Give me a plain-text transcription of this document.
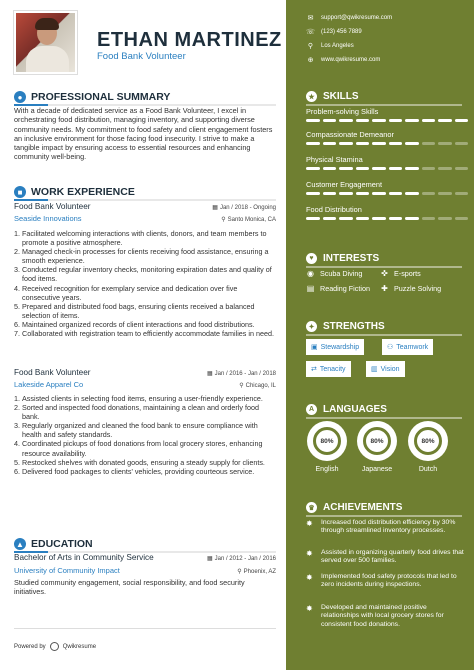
ETHAN MARTINEZ
Food Bank Volunteer
● PROFESSIONAL SUMMARY
With a decade of dedicated service as a Food Bank Volunteer, I excel in orchestrating food distribution, managing inventory, and supporting diverse community needs. My commitment to food safety and client engagement fosters an inclusive environment for those facing food insecurity. I strive to make a tangible impact by ensuring access to essential resources and enhancing community well-being.
■ WORK EXPERIENCE
Food Bank Volunteer	▦ Jan / 2018 - Ongoing
Seaside Innovations	⚲ Santo Monica, CA
1. Facilitated welcoming interactions with clients, donors, and team members to promote a positive atmosphere.
2. Managed check-in processes for clients receiving food assistance, ensuring a smooth experience.
3. Conducted regular inventory checks, monitoring expiration dates and quality of food items.
4. Received recognition for exemplary service and dedication over five consecutive years.
5. Prepared and distributed food bags, ensuring clients received a balanced selection of items.
6. Maintained organized records of client interactions and food distributions.
7. Collaborated with registration team to efficiently accommodate families in need.
Food Bank Volunteer	▦ Jan / 2016 - Jan / 2018
Lakeside Apparel Co	⚲ Chicago, IL
1. Assisted clients in selecting food items, ensuring a user-friendly experience.
2. Sorted and inspected food donations, maintaining a clean and orderly food bank.
3. Regularly organized and cleaned the food bank to ensure compliance with health and safety standards.
4. Coordinated pickups of food donations from local grocery stores, enhancing resource availability.
5. Restocked shelves with donated goods, ensuring a steady supply for clients.
6. Delivered food packages to clients' vehicles, providing courteous service.
▲ EDUCATION
Bachelor of Arts in Community Service	▦ Jan / 2012 - Jan / 2016
University of Community Impact	⚲ Phoenix, AZ
Studied community engagement, social responsibility, and food security initiatives.
Powered by	Qwikresume
✉ support@qwikresume.com
☏ (123) 456 7889
⚲	Los Angeles
⊕ www.qwikresume.com
★ SKILLS
Problem-solving Skills
Compassionate Demeanor
Physical Stamina
Customer Engagement
Food Distribution
♥ INTERESTS
◉ Scuba Diving ✜ E-sports
▤ Reading Fiction ✚ Puzzle Solving
✦ STRENGTHS
▣ Stewardship	⚇ Teamwork
⇄ Tenacity	▥ Vision
A LANGUAGES
80%
English
80%
Japanese
80%
Dutch
♛ ACHIEVEMENTS
✸	Increased food distribution efficiency by 30% through streamlined inventory processes.
✸	Assisted in organizing quarterly food drives that served over 500 families.
✸	Implemented food safety protocols that led to zero incidents during inspections.
✸	Developed and maintained positive relationships with local grocery stores for consistent food donations.
